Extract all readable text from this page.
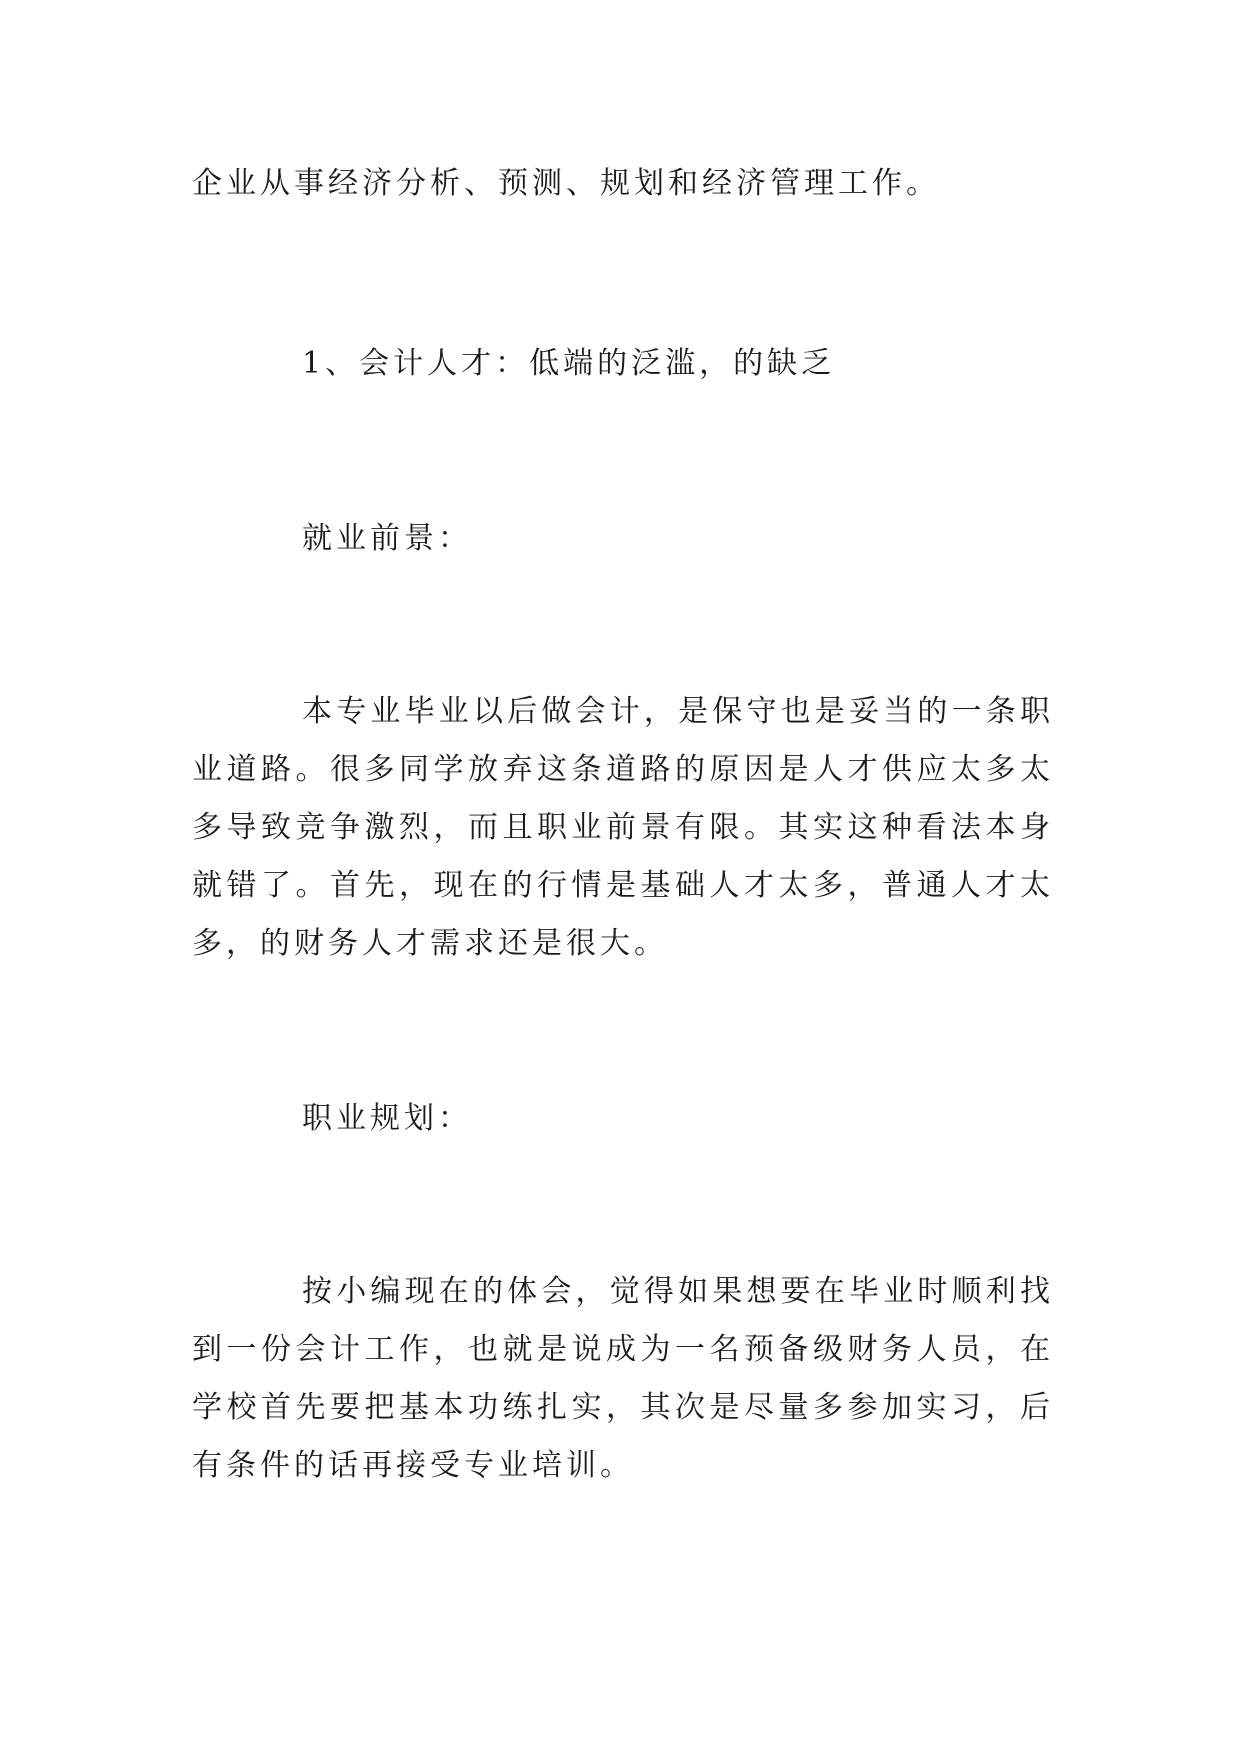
企业从事经济分析、预测、规划和经济管理工作。
1、会计人才：低端的泛滥，的缺乏
就业前景：
本专业毕业以后做会计，是保守也是妥当的一条职业道路。很多同学放弃这条道路的原因是人才供应太多太多导致竞争激烈，而且职业前景有限。其实这种看法本身就错了。首先，现在的行情是基础人才太多，普通人才太多，的财务人才需求还是很大。
职业规划：
按小编现在的体会，觉得如果想要在毕业时顺利找到一份会计工作，也就是说成为一名预备级财务人员，在学校首先要把基本功练扎实，其次是尽量多参加实习，后有条件的话再接受专业培训。
